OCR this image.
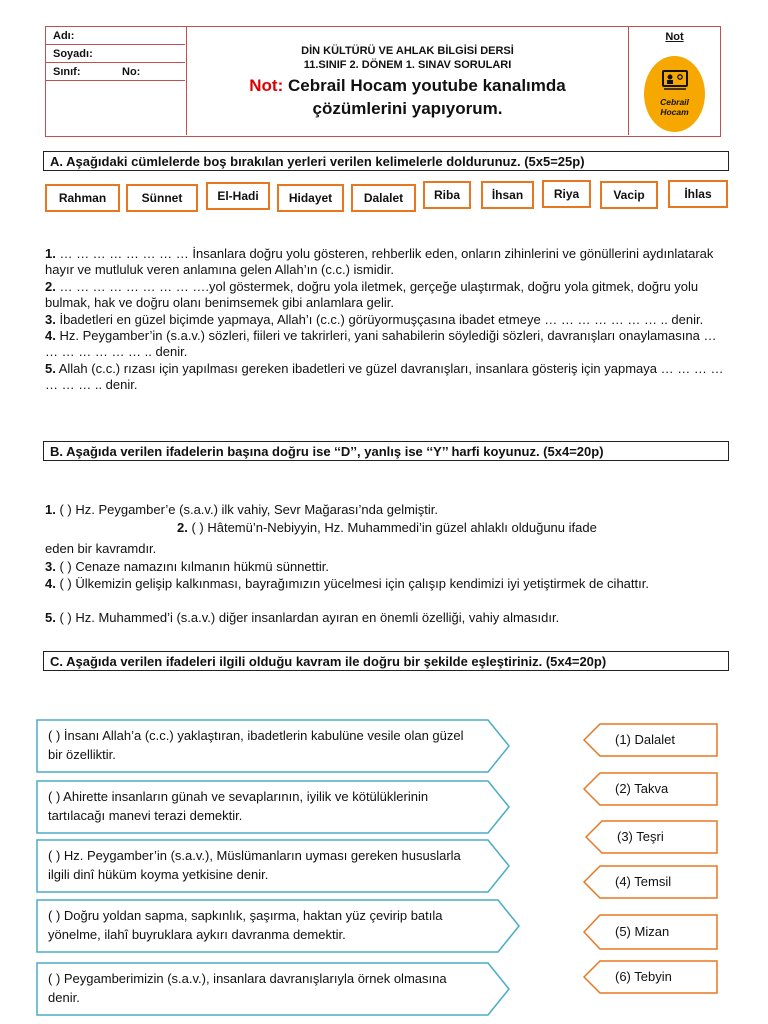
Adı:
Soyadı:
Sınıf:	No:
DİN KÜLTÜRÜ VE AHLAK BİLGİSİ DERSİ
11.SINIF 2. DÖNEM 1. SINAV SORULARI
Not: Cebrail Hocam youtube kanalımda çözümlerini yapıyorum.
Not
Cebrail
Hocam
A. Aşağıdaki cümlelerde boş bırakılan yerleri verilen kelimelerle doldurunuz. (5x5=25p)
Rahman	Sünnet	El-Hadi	Hidayet	Dalalet	Riba	İhsan	Riya	Vacip	İhlas
1. … … … … … … … … İnsanlara doğru yolu gösteren, rehberlik eden, onların zihinlerini ve gönüllerini aydınlatarak hayır ve mutluluk veren anlamına gelen Allah’ın (c.c.) ismidir.
2. … … … … … … … … ….yol göstermek, doğru yola iletmek, gerçeğe ulaştırmak, doğru yola gitmek, doğru yolu bulmak, hak ve doğru olanı benimsemek gibi anlamlara gelir.
3. İbadetleri en güzel biçimde yapmaya, Allah’ı (c.c.) görüyormuşçasına ibadet etmeye … … … … … … … .. denir.
4. Hz. Peygamber’in (s.a.v.) sözleri, fiileri ve takrirleri, yani sahabilerin söylediği sözleri, davranışları onaylamasına … … … … … … … .. denir.
5. Allah (c.c.) rızası için yapılması gereken ibadetleri ve güzel davranışları, insanlara gösteriş için yapmaya … … … … … … … .. denir.
B. Aşağıda verilen ifadelerin başına doğru ise ‘‘D’’, yanlış ise ‘‘Y’’ harfi koyunuz. (5x4=20p)
1. ( ) Hz. Peygamber’e (s.a.v.) ilk vahiy, Sevr Mağarası’nda gelmiştir.
2. ( ) Hâtemü’n-Nebiyyin, Hz. Muhammedi’in güzel ahlaklı olduğunu ifade
eden bir kavramdır.
3. ( ) Cenaze namazını kılmanın hükmü sünnettir.
4. ( ) Ülkemizin gelişip kalkınması, bayrağımızın yücelmesi için çalışıp kendimizi iyi yetiştirmek de cihattır.
5. ( ) Hz. Muhammed’i (s.a.v.) diğer insanlardan ayıran en önemli özelliği, vahiy almasıdır.
C. Aşağıda verilen ifadeleri ilgili olduğu kavram ile doğru bir şekilde eşleştiriniz. (5x4=20p)
( ) İnsanı Allah’a (c.c.) yaklaştıran, ibadetlerin kabulüne vesile olan güzel bir özelliktir.
( ) Ahirette insanların günah ve sevaplarının, iyilik ve kötülüklerinin tartılacağı manevi terazi demektir.
( ) Hz. Peygamber’in (s.a.v.), Müslümanların uyması gereken hususlarla ilgili dinî hüküm koyma yetkisine denir.
( ) Doğru yoldan sapma, sapkınlık, şaşırma, haktan yüz çevirip batıla yönelme, ilahî buyruklara aykırı davranma demektir.
( ) Peygamberimizin (s.a.v.), insanlara davranışlarıyla örnek olmasına denir.
(1) Dalalet
(2) Takva
(3) Teşri
(4) Temsil
(5) Mizan
(6) Tebyin
